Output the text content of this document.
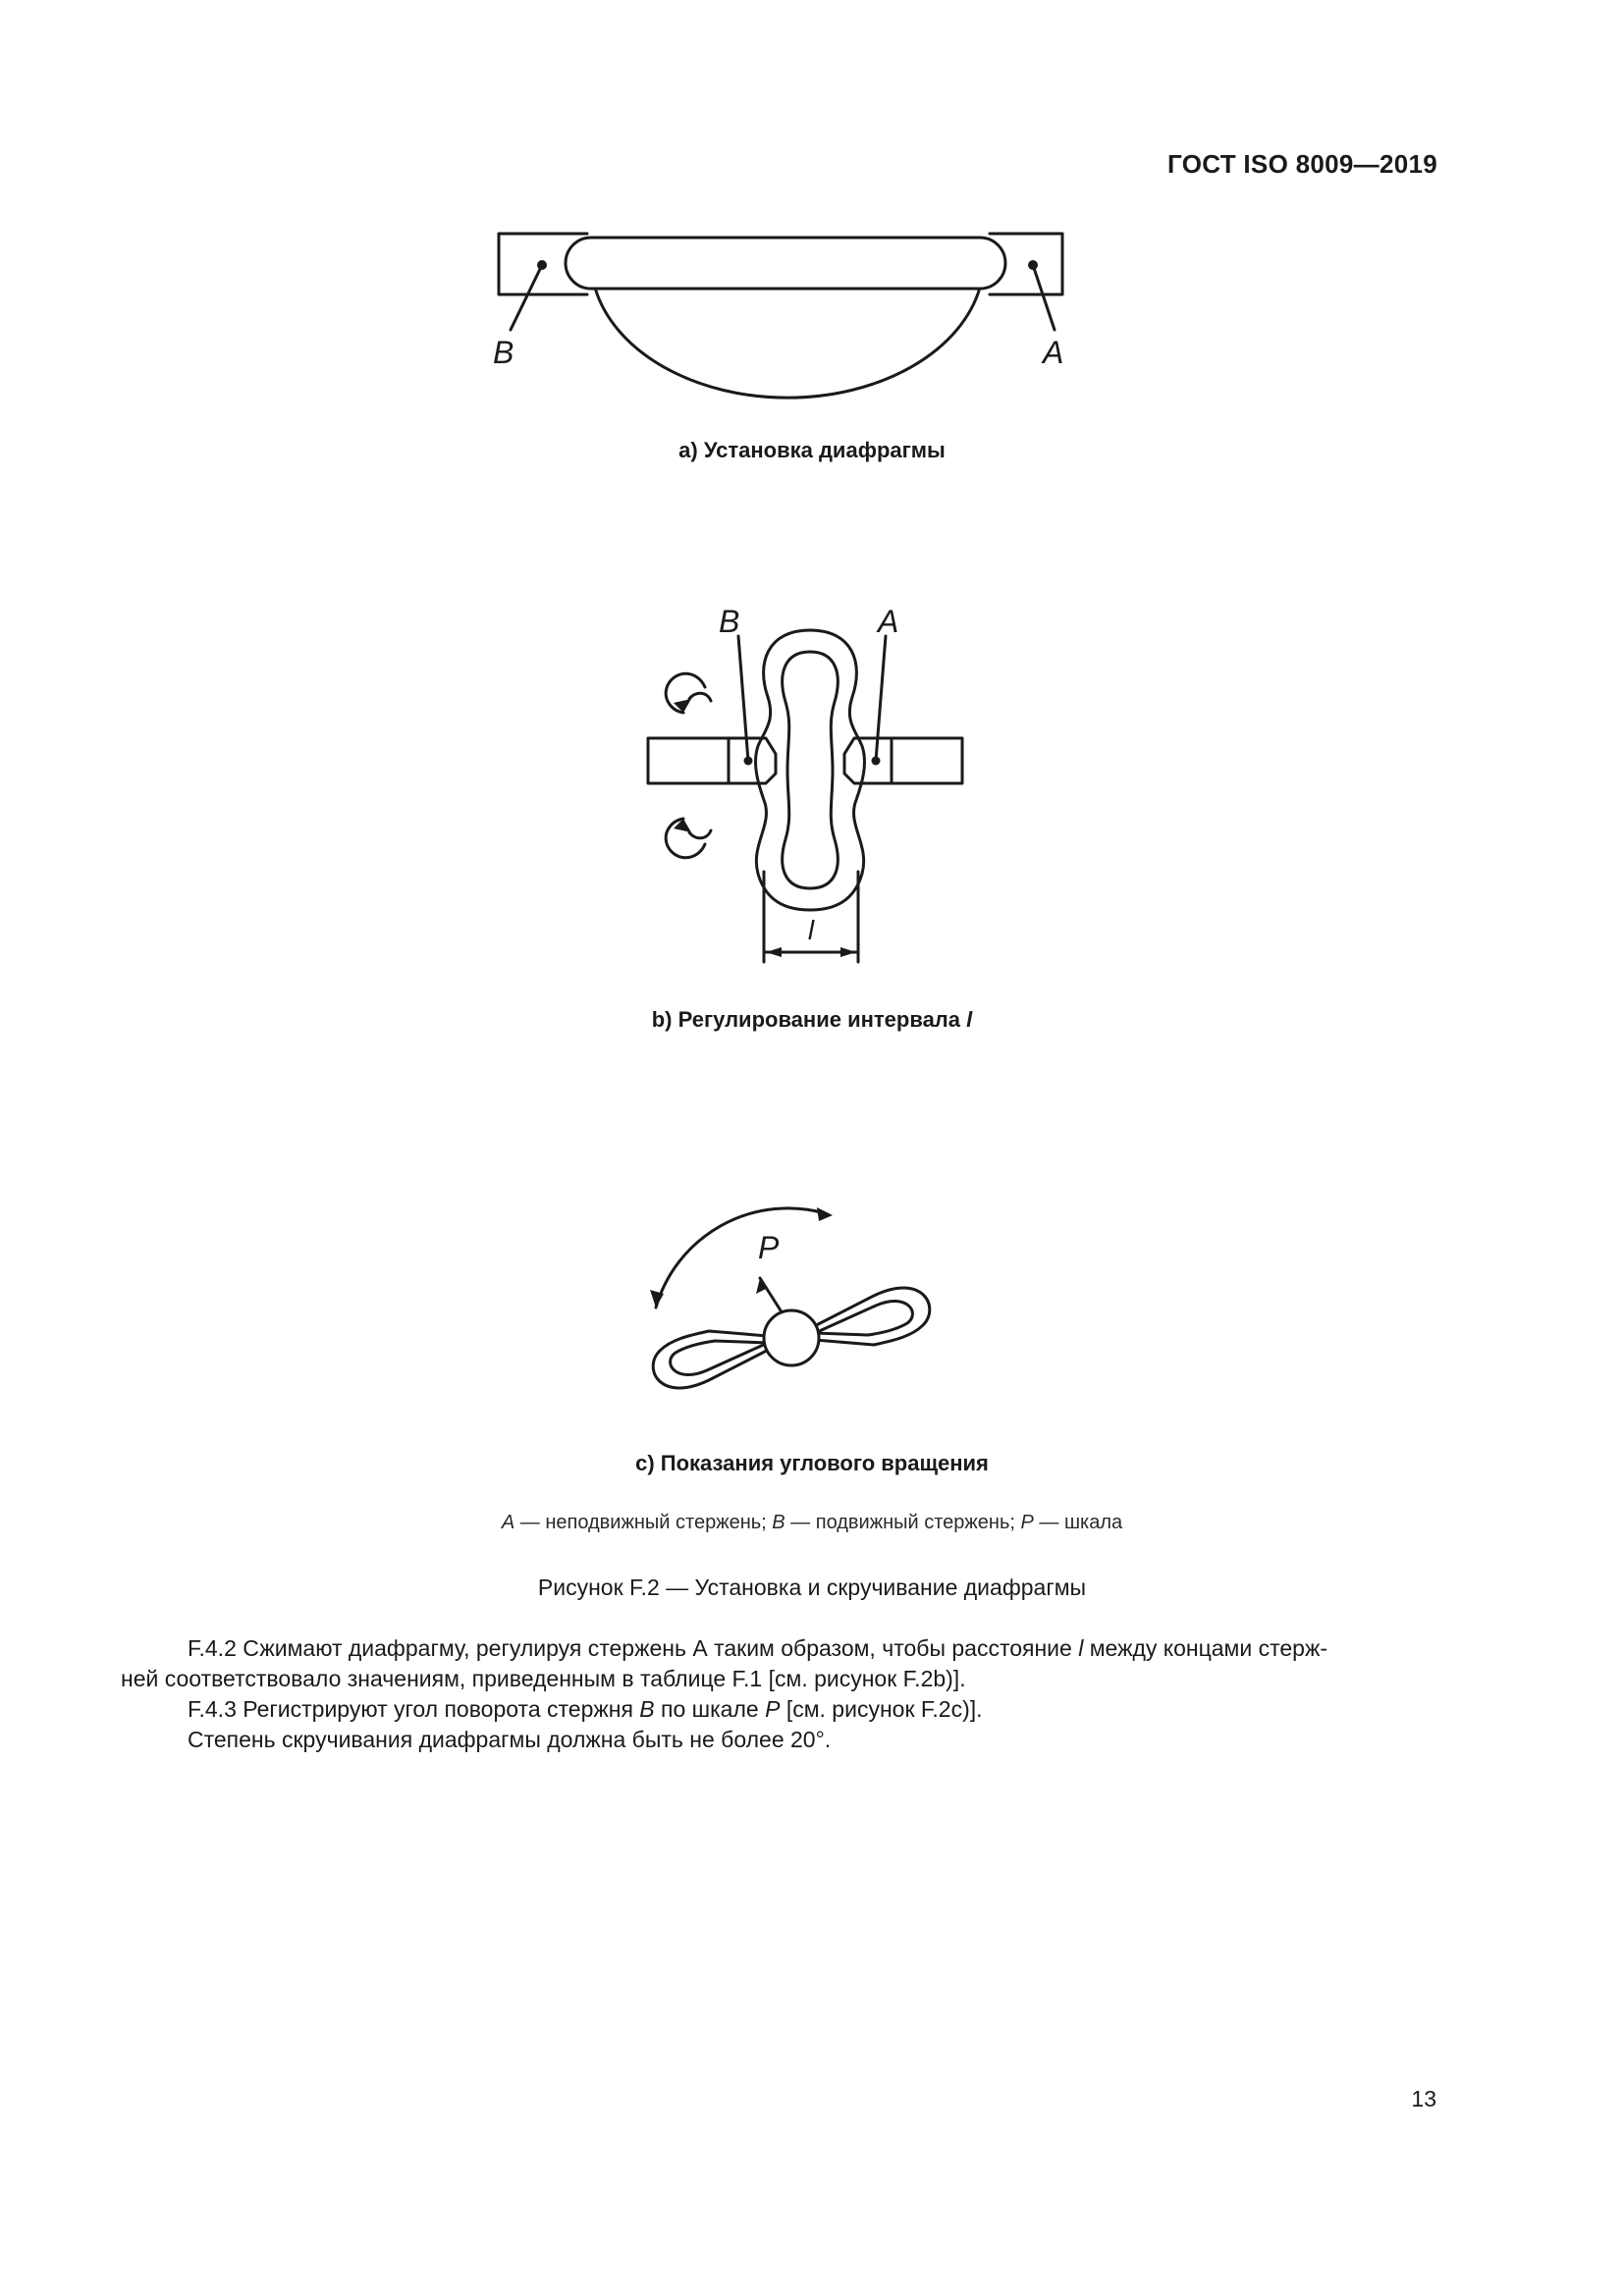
ГОСТ ISO 8009—2019
B	A
а) Установка диафрагмы
B	A
l
b) Регулирование интервала l
P
с) Показания углового вращения
A — неподвижный стержень; B — подвижный стержень; P — шкала
Рисунок F.2 — Установка и скручивание диафрагмы

F.4.2 Сжимают диафрагму, регулируя стержень А таким образом, чтобы расстояние l между концами стерж-

ней соответствовало значениям, приведенным в таблице F.1 [см. рисунок F.2b)].

F.4.3 Регистрируют угол поворота стержня B по шкале P [см. рисунок F.2c)].

Степень скручивания диафрагмы должна быть не более 20°.

13
